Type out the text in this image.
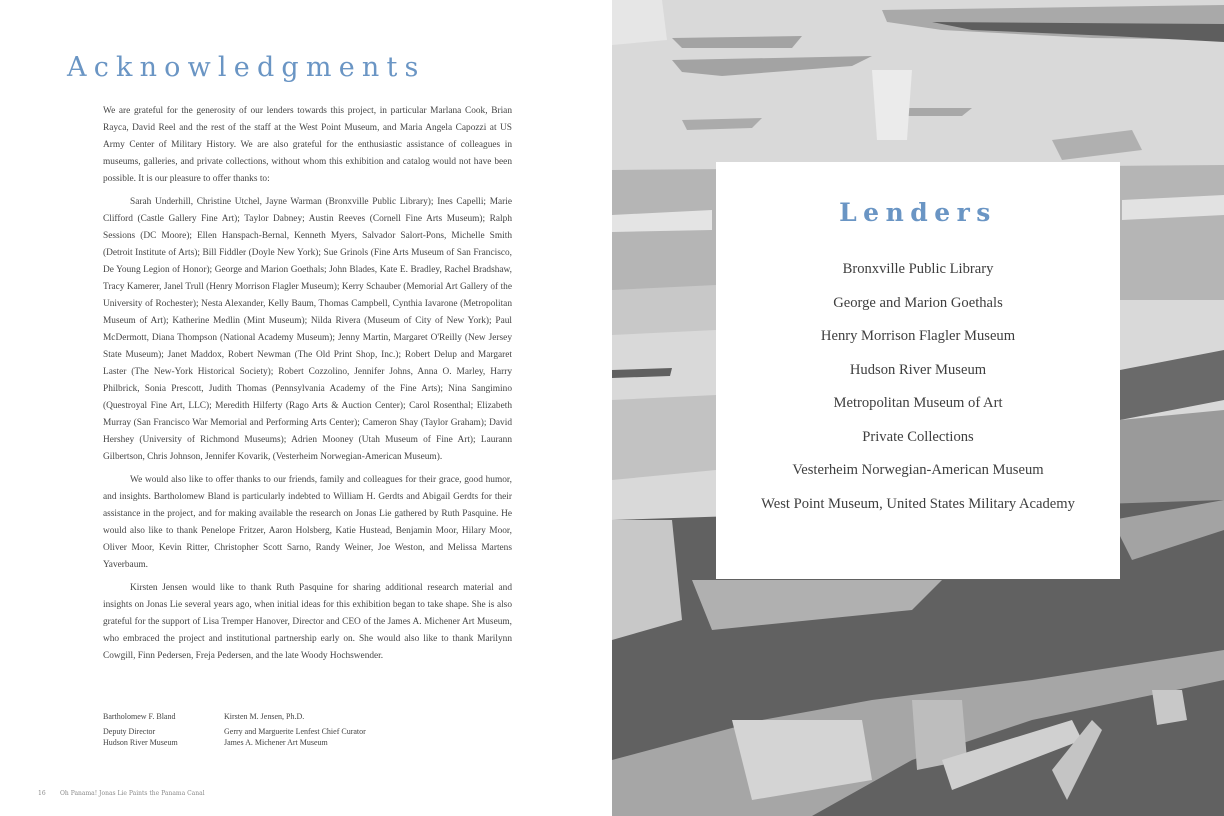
Acknowledgments

We are grateful for the generosity of our lenders towards this project, in particular Marlana Cook, Brian Rayca, David Reel and the rest of the staff at the West Point Museum, and Maria Angela Capozzi at US Army Center of Military History. We are also grateful for the enthusiastic assistance of colleagues in museums, galleries, and private collections, without whom this exhibition and catalog would not have been possible. It is our pleasure to offer thanks to:

Sarah Underhill, Christine Utchel, Jayne Warman (Bronxville Public Library); Ines Capelli; Marie Clifford (Castle Gallery Fine Art); Taylor Dabney; Austin Reeves (Cornell Fine Arts Museum); Ralph Sessions (DC Moore); Ellen Hanspach-Bernal, Kenneth Myers, Salvador Salort-Pons, Michelle Smith (Detroit Institute of Arts); Bill Fiddler (Doyle New York); Sue Grinols (Fine Arts Museum of San Francisco, De Young Legion of Honor); George and Marion Goethals; John Blades, Kate E. Bradley, Rachel Bradshaw, Tracy Kamerer, Janel Trull (Henry Morrison Flagler Museum); Kerry Schauber (Memorial Art Gallery of the University of Rochester); Nesta Alexander, Kelly Baum, Thomas Campbell, Cynthia Iavarone (Metropolitan Museum of Art); Katherine Medlin (Mint Museum); Nilda Rivera (Museum of City of New York); Paul McDermott, Diana Thompson (National Academy Museum); Jenny Martin, Margaret O'Reilly (New Jersey State Museum); Janet Maddox, Robert Newman (The Old Print Shop, Inc.); Robert Delup and Margaret Laster (The New-York Historical Society); Robert Cozzolino, Jennifer Johns, Anna O. Marley, Harry Philbrick, Sonia Prescott, Judith Thomas (Pennsylvania Academy of the Fine Arts); Nina Sangimino (Questroyal Fine Art, LLC); Meredith Hilferty (Rago Arts & Auction Center); Carol Rosenthal; Elizabeth Murray (San Francisco War Memorial and Performing Arts Center); Cameron Shay (Taylor Graham); David Hershey (University of Richmond Museums); Adrien Mooney (Utah Museum of Fine Art); Laurann Gilbertson, Chris Johnson, Jennifer Kovarik, (Vesterheim Norwegian-American Museum).

We would also like to offer thanks to our friends, family and colleagues for their grace, good humor, and insights. Bartholomew Bland is particularly indebted to William H. Gerdts and Abigail Gerdts for their assistance in the project, and for making available the research on Jonas Lie gathered by Ruth Pasquine. He would also like to thank Penelope Fritzer, Aaron Holsberg, Katie Hustead, Benjamin Moor, Hilary Moor, Oliver Moor, Kevin Ritter, Christopher Scott Sarno, Randy Weiner, Joe Weston, and Melissa Martens Yaverbaum.

Kirsten Jensen would like to thank Ruth Pasquine for sharing additional research material and insights on Jonas Lie several years ago, when initial ideas for this exhibition began to take shape. She is also grateful for the support of Lisa Tremper Hanover, Director and CEO of the James A. Michener Art Museum, who embraced the project and institutional partnership early on. She would also like to thank Marilynn Cowgill, Finn Pedersen, Freja Pedersen, and the late Woody Hochswender.

Bartholomew F. Bland
Deputy Director
Hudson River Museum
Kirsten M. Jensen, Ph.D.
Gerry and Marguerite Lenfest Chief Curator
James A. Michener Art Museum
16 Oh Panama! Jonas Lie Paints the Panama Canal
Lenders
Bronxville Public Library
George and Marion Goethals
Henry Morrison Flagler Museum
Hudson River Museum
Metropolitan Museum of Art
Private Collections
Vesterheim Norwegian-American Museum
West Point Museum, United States Military Academy
